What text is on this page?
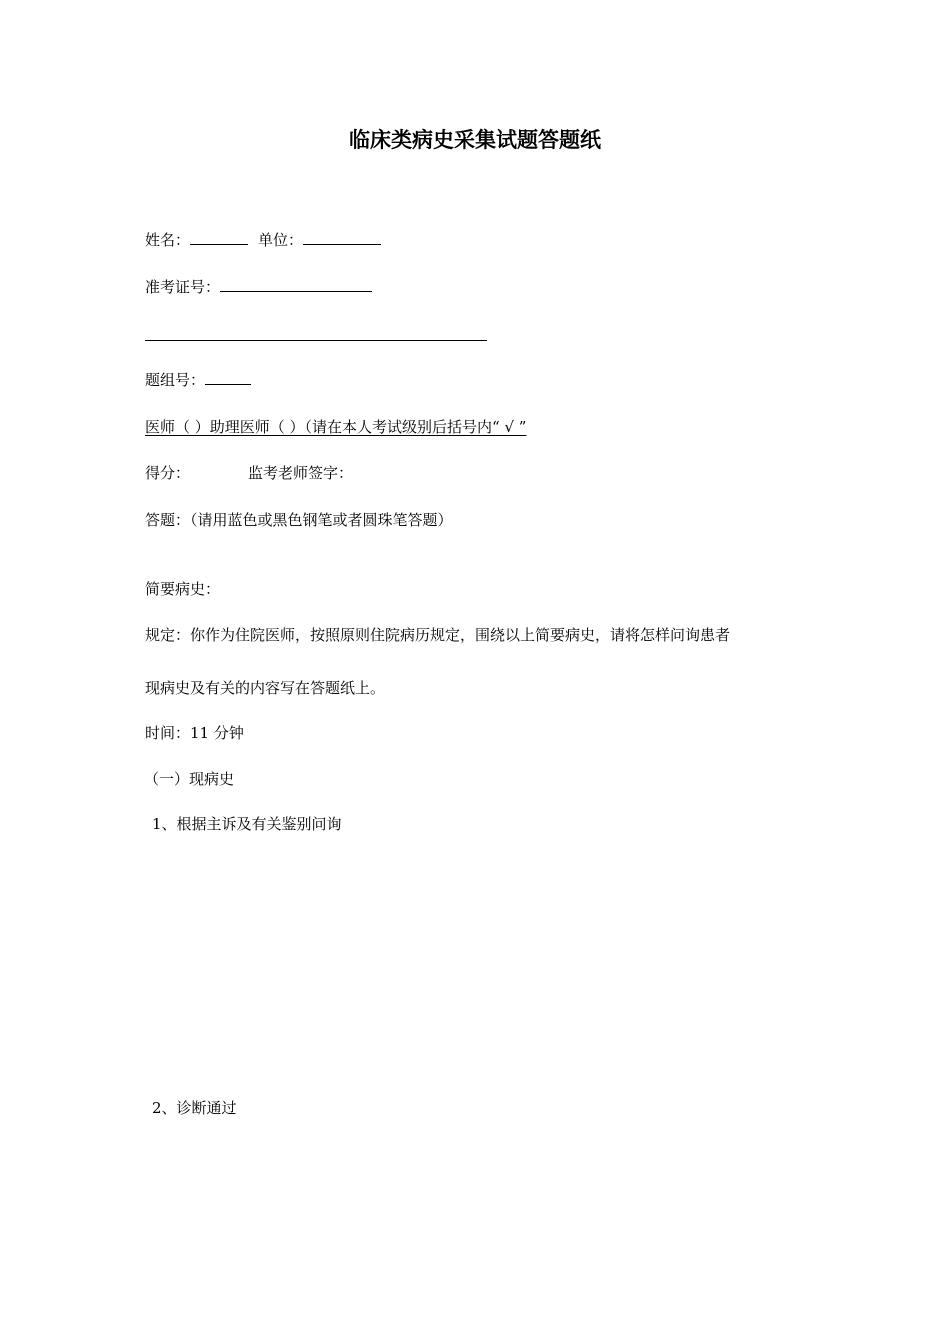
临床类病史采集试题答题纸
姓名：	单位：
准考证号：
题组号：
医师（ ）助理医师（ ）（请在本人考试级别后括号内“ √ ”
得分：	监考老师签字：
答题：（请用蓝色或黑色钢笔或者圆珠笔答题）
简要病史：
规定：你作为住院医师，按照原则住院病历规定，围绕以上简要病史，请将怎样问询患者
现病史及有关的内容写在答题纸上。
时间：11 分钟
（一）现病史
1、根据主诉及有关鉴别问询
2、诊断通过
